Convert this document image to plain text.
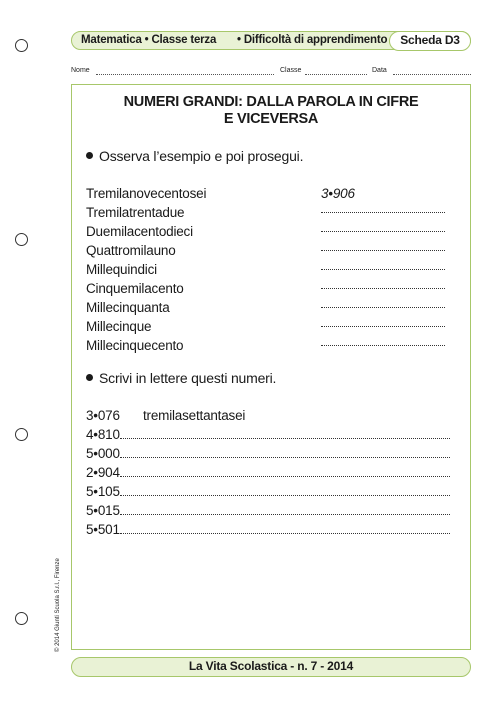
Matematica • Classe terza • Difficoltà di apprendimento	Scheda D3
Nome	Classe	Data
NUMERI GRANDI: DALLA PAROLA IN CIFRE
E VICEVERSA
Osserva l’esempio e poi prosegui.
Tremilanovecentosei	3•906
Tremilatrentadue
Duemilacentodieci
Quattromilauno
Millequindici
Cinquemilacento
Millecinquanta
Millecinque
Millecinquecento
Scrivi in lettere questi numeri.
3•076 tremilasettantasei
4•810
5•000
2•904
5•105
5•015
5•501
© 2014 Giunti Scuola S.r.l., Firenze
La Vita Scolastica - n. 7 - 2014
